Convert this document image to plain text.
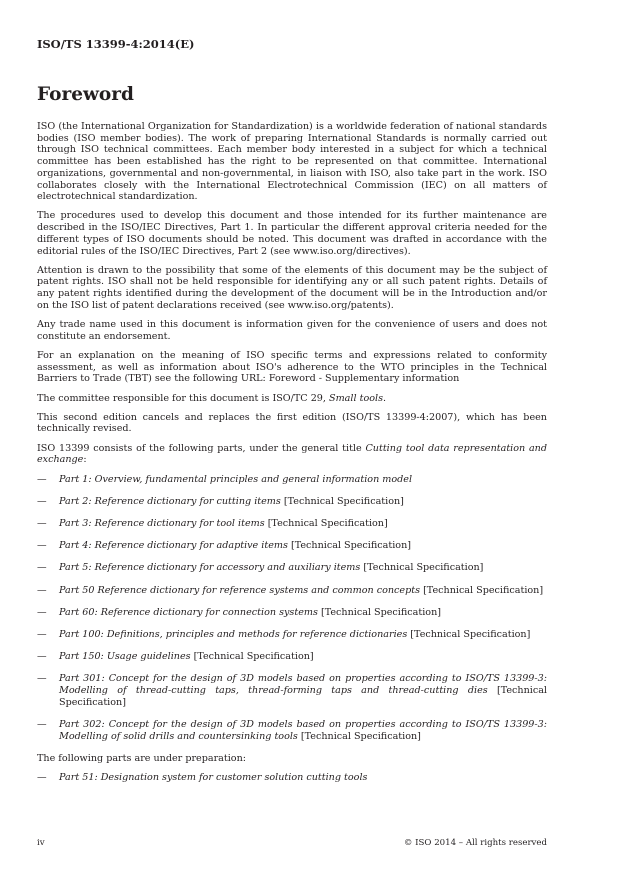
ISO/TS 13399-4:2014(E)
Foreword

ISO (the International Organization for Standardization) is a worldwide federation of national standards bodies (ISO member bodies). The work of preparing International Standards is normally carried out through ISO technical committees. Each member body interested in a subject for which a technical committee has been established has the right to be represented on that committee. International organizations, governmental and non-governmental, in liaison with ISO, also take part in the work. ISO collaborates closely with the International Electrotechnical Commission (IEC) on all matters of electrotechnical standardization.

The procedures used to develop this document and those intended for its further maintenance are described in the ISO/IEC Directives, Part 1. In particular the different approval criteria needed for the different types of ISO documents should be noted. This document was drafted in accordance with the editorial rules of the ISO/IEC Directives, Part 2 (see www.iso.org/directives).

Attention is drawn to the possibility that some of the elements of this document may be the subject of patent rights. ISO shall not be held responsible for identifying any or all such patent rights. Details of any patent rights identified during the development of the document will be in the Introduction and/or on the ISO list of patent declarations received (see www.iso.org/patents).

Any trade name used in this document is information given for the convenience of users and does not constitute an endorsement.

For an explanation on the meaning of ISO specific terms and expressions related to conformity assessment, as well as information about ISO's adherence to the WTO principles in the Technical Barriers to Trade (TBT) see the following URL: Foreword - Supplementary information

The committee responsible for this document is ISO/TC 29, Small tools.

This second edition cancels and replaces the first edition (ISO/TS 13399-4:2007), which has been technically revised.

ISO 13399 consists of the following parts, under the general title Cutting tool data representation and exchange:

— Part 1: Overview, fundamental principles and general information model
— Part 2: Reference dictionary for cutting items [Technical Specification]
— Part 3: Reference dictionary for tool items [Technical Specification]
— Part 4: Reference dictionary for adaptive items [Technical Specification]
— Part 5: Reference dictionary for accessory and auxiliary items [Technical Specification]
— Part 50 Reference dictionary for reference systems and common concepts [Technical Specification]
— Part 60: Reference dictionary for connection systems [Technical Specification]
— Part 100: Definitions, principles and methods for reference dictionaries [Technical Specification]
— Part 150: Usage guidelines [Technical Specification]
— Part 301: Concept for the design of 3D models based on properties according to ISO/TS 13399-3: Modelling of thread-cutting taps, thread-forming taps and thread-cutting dies [Technical Specification]
— Part 302: Concept for the design of 3D models based on properties according to ISO/TS 13399-3: Modelling of solid drills and countersinking tools [Technical Specification]

The following parts are under preparation:

— Part 51: Designation system for customer solution cutting tools
iv	© ISO 2014 – All rights reserved
